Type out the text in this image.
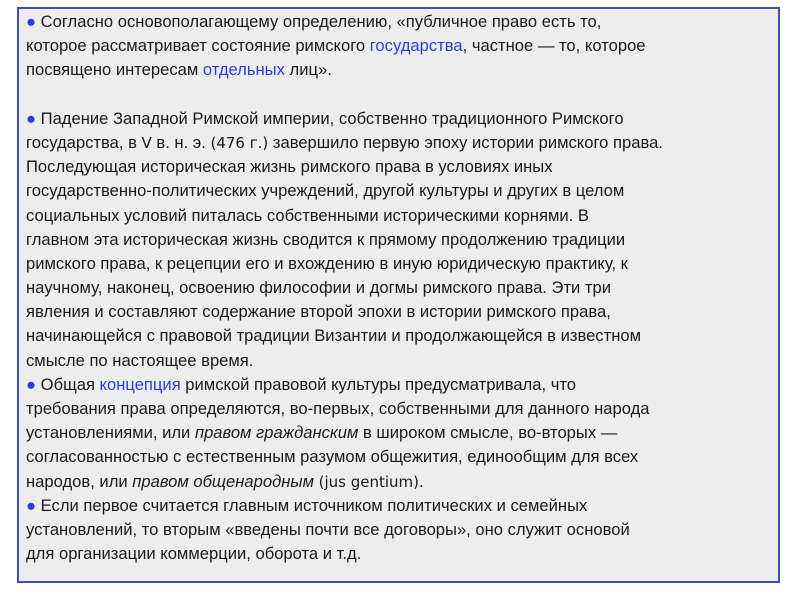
● Согласно основополагающему определению, «публичное право есть то,
которое рассматривает состояние римского государства, частное — то, которое
посвящено интересам отдельных лиц».
● Падение Западной Римской империи, собственно традиционного Римского
государства, в V в. н. э. (476 г.) завершило первую эпоху истории римского права.
Последующая историческая жизнь римского права в условиях иных
государственно-политических учреждений, другой культуры и других в целом
социальных условий питалась собственными историческими корнями. В
главном эта историческая жизнь сводится к прямому продолжению традиции
римского права, к рецепции его и вхождению в иную юридическую практику, к
научному, наконец, освоению философии и догмы римского права. Эти три
явления и составляют содержание второй эпохи в истории римского права,
начинающейся с правовой традиции Византии и продолжающейся в известном
смысле по настоящее время.
● Общая концепция римской правовой культуры предусматривала, что
требования права определяются, во-первых, собственными для данного народа
установлениями, или правом гражданским в широком смысле, во-вторых —
согласованностью с естественным разумом общежития, единообщим для всех
народов, или правом общенародным (jus gentium).
● Если первое считается главным источником политических и семейных
установлений, то вторым «введены почти все договоры», оно служит основой
для организации коммерции, оборота и т.д.
